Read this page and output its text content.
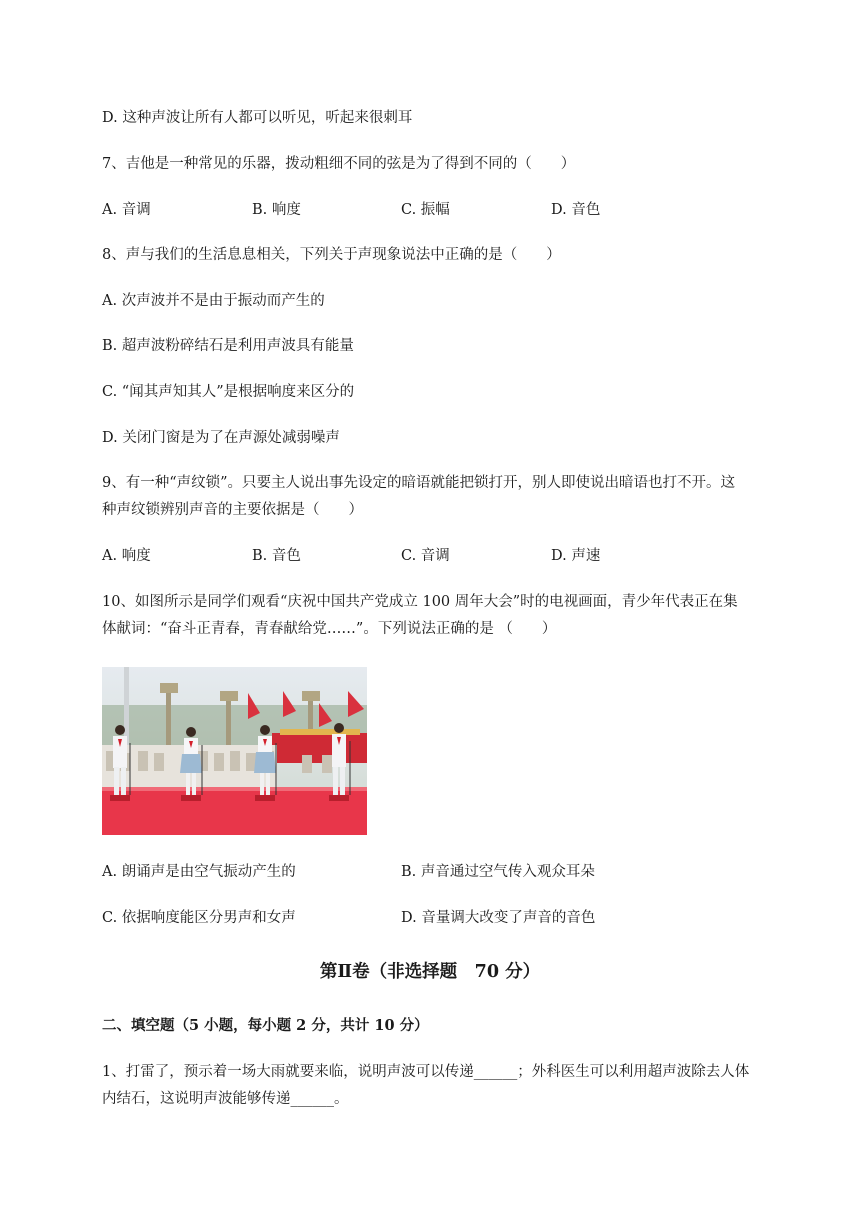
D. 这种声波让所有人都可以听见，听起来很刺耳
7、吉他是一种常见的乐器，拨动粗细不同的弦是为了得到不同的（　　）
A. 音调	B. 响度	C. 振幅	D. 音色
8、声与我们的生活息息相关，下列关于声现象说法中正确的是（　　）
A. 次声波并不是由于振动而产生的
B. 超声波粉碎结石是利用声波具有能量
C. “闻其声知其人”是根据响度来区分的
D. 关闭门窗是为了在声源处减弱噪声
9、有一种“声纹锁”。只要主人说出事先设定的暗语就能把锁打开，别人即使说出暗语也打不开。这
种声纹锁辨别声音的主要依据是（　　）
A. 响度	B. 音色	C. 音调	D. 声速
10、如图所示是同学们观看“庆祝中国共产党成立 100 周年大会”时的电视画面，青少年代表正在集
体献词：“奋斗正青春，青春献给党……”。下列说法正确的是 （　　）
A. 朗诵声是由空气振动产生的	B. 声音通过空气传入观众耳朵
C. 依据响度能区分男声和女声	D. 音量调大改变了声音的音色
第Ⅱ卷（非选择题　70 分）
二、填空题（5 小题，每小题 2 分，共计 10 分）
1、打雷了，预示着一场大雨就要来临，说明声波可以传递______；外科医生可以利用超声波除去人体
内结石，这说明声波能够传递______。
